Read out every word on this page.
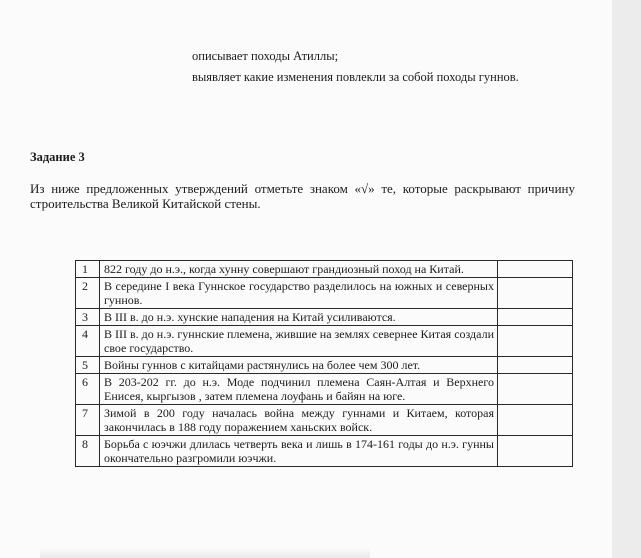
описывает походы Атиллы;
выявляет какие изменения повлекли за собой походы гуннов.
Задание 3
Из ниже предложенных утверждений отметьте знаком «√» те, которые раскрывают причину строительства Великой Китайской стены.
1	822 году до н.э., когда хунну совершают грандиозный поход на Китай.	
2	В середине I века Гуннское государство разделилось на южных и северных гуннов.	
3	В III в. до н.э. хунские нападения на Китай усиливаются.	
4	В III в. до н.э. гуннские племена, жившие на землях севернее Китая создали свое государство.	
5	Войны гуннов с китайцами растянулись на более чем 300 лет.	
6	В 203-202 гг. до н.э. Моде подчинил племена Саян-Алтая и Верхнего Енисея, кыргызов , затем племена лоуфань и байян на юге.	
7	Зимой в 200 году началась война между гуннами и Китаем, которая закончилась в 188 году поражением ханьских войск.	
8	Борьба с юэчжи длилась четверть века и лишь в 174-161 годы до н.э. гунны окончательно разгромили юэчжи.	
